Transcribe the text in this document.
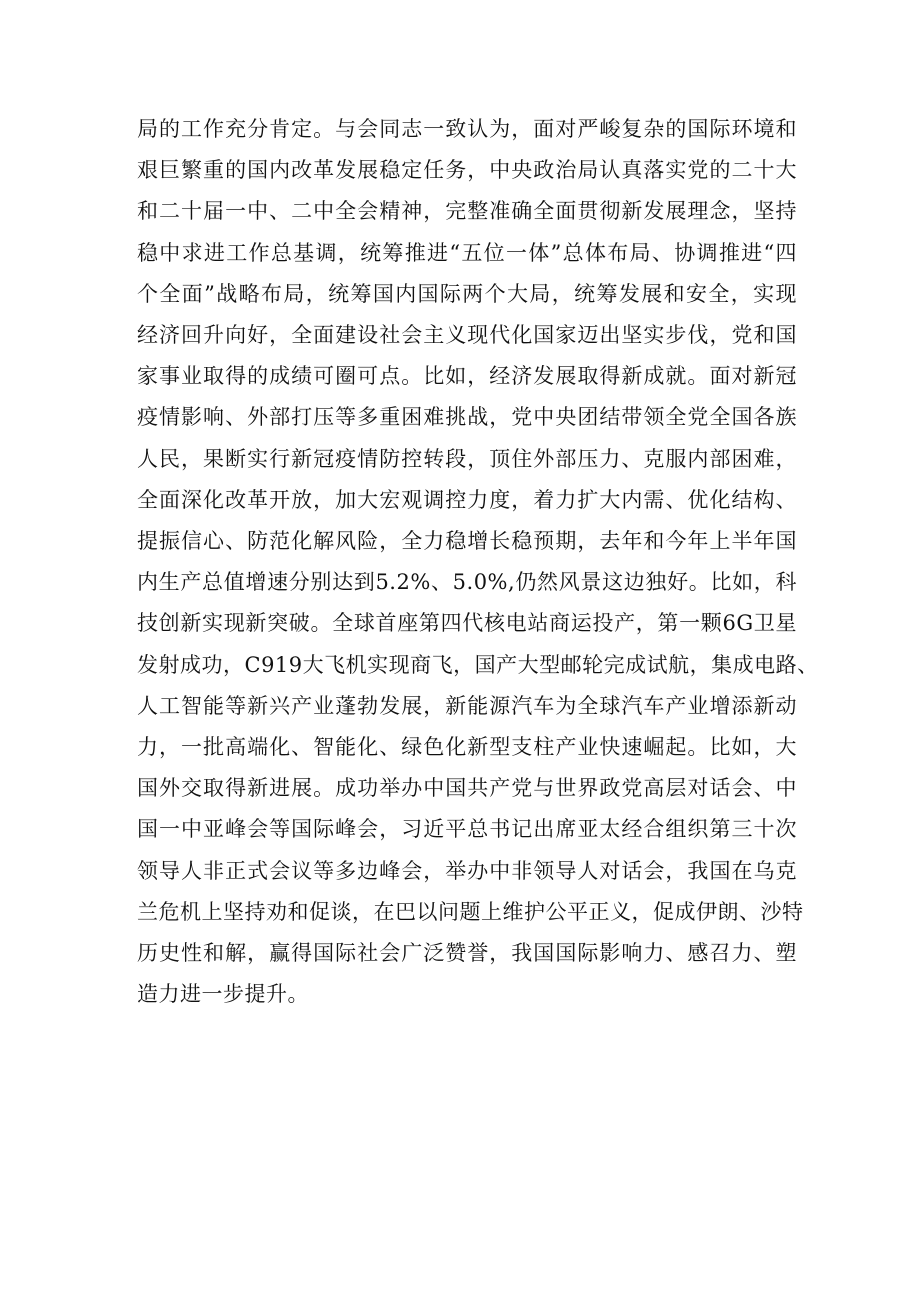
局的工作充分肯定。与会同志一致认为，面对严峻复杂的国际环境和
艰巨繁重的国内改革发展稳定任务，中央政治局认真落实党的二十大
和二十届一中、二中全会精神，完整准确全面贯彻新发展理念，坚持
稳中求进工作总基调，统筹推进“五位一体”总体布局、协调推进“四
个全面”战略布局，统筹国内国际两个大局，统筹发展和安全，实现
经济回升向好，全面建设社会主义现代化国家迈出坚实步伐，党和国
家事业取得的成绩可圈可点。比如，经济发展取得新成就。面对新冠
疫情影响、外部打压等多重困难挑战，党中央团结带领全党全国各族
人民，果断实行新冠疫情防控转段，顶住外部压力、克服内部困难，
全面深化改革开放，加大宏观调控力度，着力扩大内需、优化结构、
提振信心、防范化解风险，全力稳增长稳预期，去年和今年上半年国
内生产总值增速分别达到5.2%、5.0%,仍然风景这边独好。比如，科
技创新实现新突破。全球首座第四代核电站商运投产，第一颗6G卫星
发射成功，C919大飞机实现商飞，国产大型邮轮完成试航，集成电路、
人工智能等新兴产业蓬勃发展，新能源汽车为全球汽车产业增添新动
力，一批高端化、智能化、绿色化新型支柱产业快速崛起。比如，大
国外交取得新进展。成功举办中国共产党与世界政党高层对话会、中
国一中亚峰会等国际峰会，习近平总书记出席亚太经合组织第三十次
领导人非正式会议等多边峰会，举办中非领导人对话会，我国在乌克
兰危机上坚持劝和促谈，在巴以问题上维护公平正义，促成伊朗、沙特
历史性和解，赢得国际社会广泛赞誉，我国国际影响力、感召力、塑
造力进一步提升。
